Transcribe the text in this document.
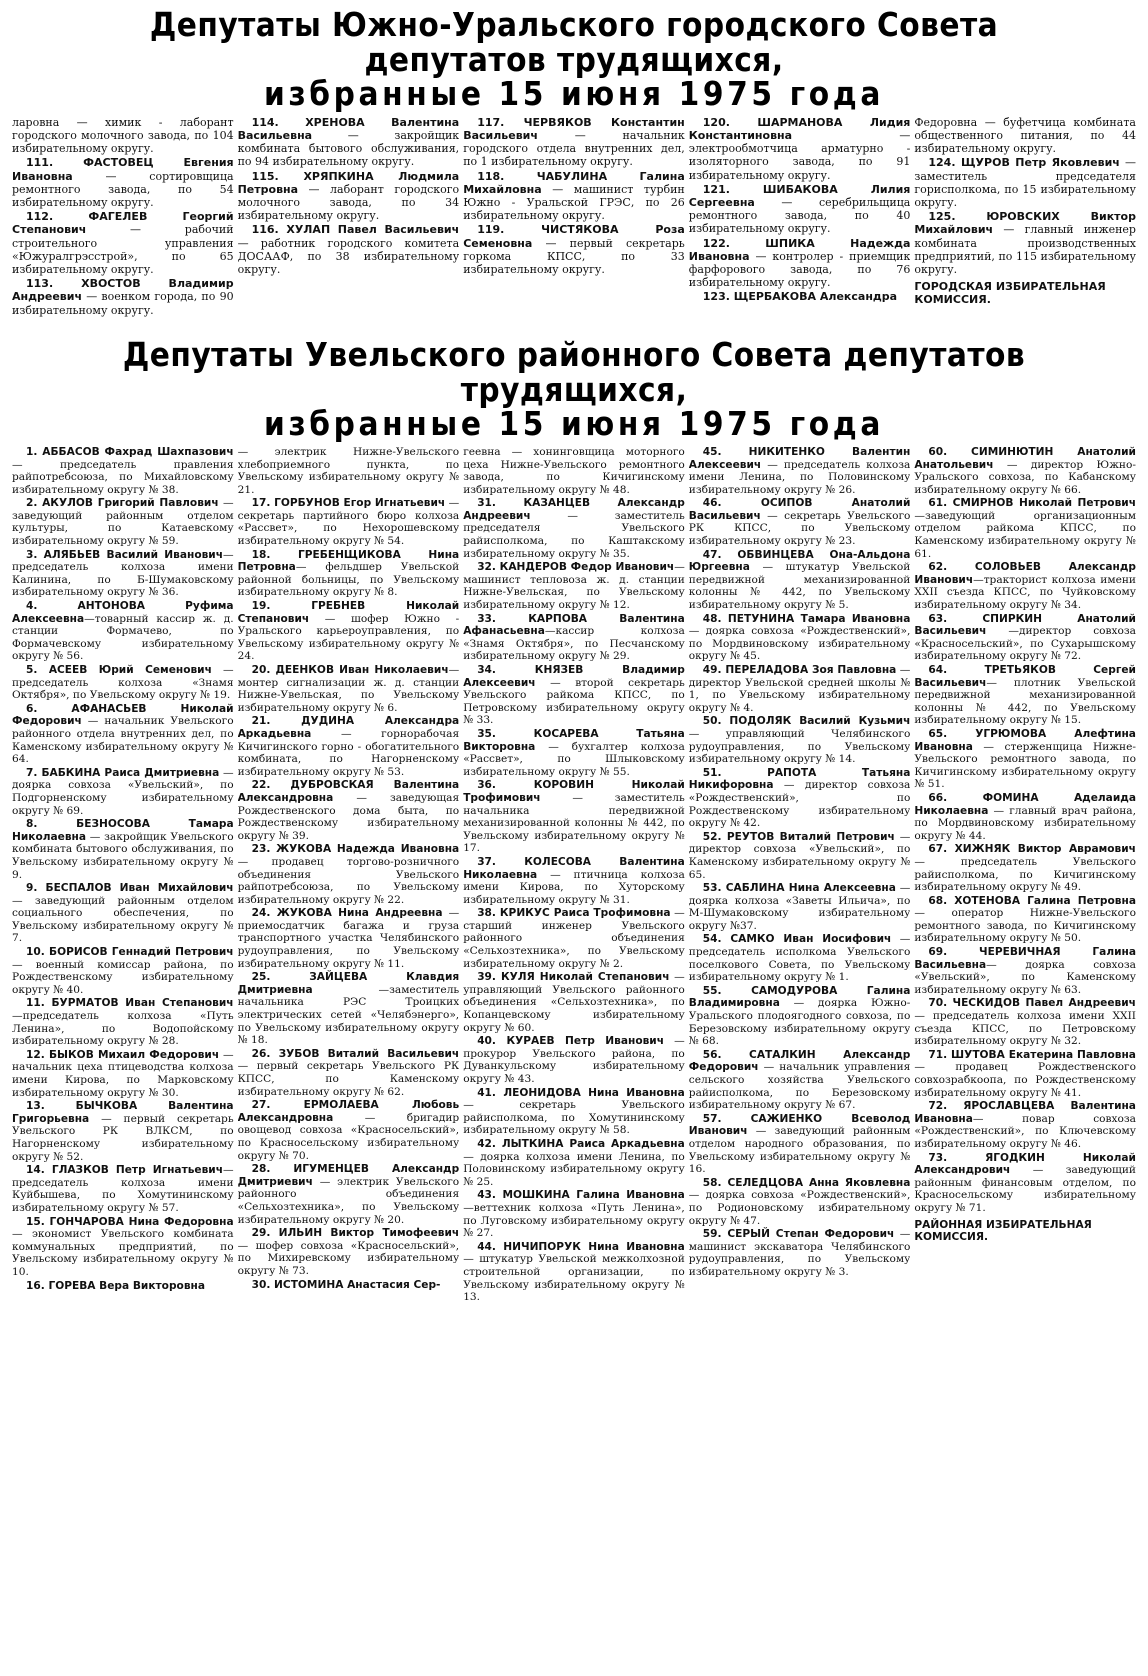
Депутаты Южно-Уральского городского Совета депутатов трудящихся,
избранные 15 июня 1975 года

ларовна — химик - лаборант городского молочного завода, по 104 избирательному округу.

111. ФАСТОВЕЦ Евгения Ивановна — сортировщица ремонтного завода, по 54 избирательному округу.

112. ФАГЕЛЕВ Георгий Степанович — рабочий строительного управления «Южуралгрэсстрой», по 65 избирательному округу.

113. ХВОСТОВ Владимир Андреевич — военком города, по 90 избирательному округу.

114. ХРЕНОВА Валентина Васильевна — закройщик комбината бытового обслуживания, по 94 избирательному округу.

115. ХРЯПКИНА Людмила Петровна — лаборант городского молочного завода, по 34 избирательному округу.

116. ХУЛАП Павел Васильевич — работник городского комитета ДОСААФ, по 38 избирательному округу.

117. ЧЕРВЯКОВ Константин Васильевич — начальник городского отдела внутренних дел, по 1 избирательному округу.

118. ЧАБУЛИНА Галина Михайловна — машинист турбин Южно - Уральской ГРЭС, по 26 избирательному округу.

119. ЧИСТЯКОВА Роза Семеновна — первый секретарь горкома КПСС, по 33 избирательному округу.

120. ШАРМАНОВА Лидия Константиновна — электрообмотчица арматурно - изоляторного завода, по 91 избирательному округу.

121. ШИБАКОВА Лилия Сергеевна — серебрильщица ремонтного завода, по 40 избирательному округу.

122. ШПИКА Надежда Ивановна — контролер - приемщик фарфорового завода, по 76 избирательному округу.

123. ЩЕРБАКОВА Александра

Федоровна — буфетчица комбината общественного питания, по 44 избирательному округу.

124. ЩУРОВ Петр Яковлевич —заместитель председателя горисполкома, по 15 избирательному округу.

125. ЮРОВСКИХ Виктор Михайлович — главный инженер комбината производственных предприятий, по 115 избирательному округу.

ГОРОДСКАЯ ИЗБИРАТЕЛЬНАЯ КОМИССИЯ.

Депутаты Увельского районного Совета депутатов трудящихся,
избранные 15 июня 1975 года

1. АББАСОВ Фахрад Шахпазович — председатель правления райпотребсоюза, по Михайловскому избирательному округу № 38.

2. АКУЛОВ Григорий Павлович — заведующий районным отделом культуры, по Катаевскому избирательному округу № 59.

3. АЛЯБЬЕВ Василий Иванович— председатель колхоза имени Калинина, по Б-Шумаковскому избирательному округу № 36.

4. АНТОНОВА Руфима Алексеевна—товарный кассир ж. д. станции Формачево, по Формачевскому избирательному округу № 56.

5. АСЕЕВ Юрий Семенович — председатель колхоза «Знамя Октября», по Увельскому округу № 19.

6. АФАНАСЬЕВ Николай Федорович — начальник Увельского районного отдела внутренних дел, по Каменскому избирательному округу № 64.

7. БАБКИНА Раиса Дмитриевна — доярка совхоза «Увельский», по Подгорненскому избирательному округу № 69.

8. БЕЗНОСОВА Тамара Николаевна — закройщик Увельского комбината бытового обслуживания, по Увельскому избирательному округу № 9.

9. БЕСПАЛОВ Иван Михайлович — заведующий районным отделом социального обеспечения, по Увельскому избирательному округу № 7.

10. БОРИСОВ Геннадий Петрович — военный комиссар района, по Рождественскому избирательному округу № 40.

11. БУРМАТОВ Иван Степанович—председатель колхоза «Путь Ленина», по Водопойскому избирательному округу № 28.

12. БЫКОВ Михаил Федорович — начальник цеха птицеводства колхоза имени Кирова, по Марковскому избирательному округу № 30.

13. БЫЧКОВА Валентина Григорьевна — первый секретарь Увельского РК ВЛКСМ, по Нагорненскому избирательному округу № 52.

14. ГЛАЗКОВ Петр Игнатьевич—председатель колхоза имени Куйбышева, по Хомутининскому избирательному округу № 57.

15. ГОНЧАРОВА Нина Федоровна — экономист Увельского комбината коммунальных предприятий, по Увельскому избирательному округу № 10.

16. ГОРЕВА Вера Викторовна

— электрик Нижне-Увельского хлебоприемного пункта, по Увельскому избирательному округу № 21.

17. ГОРБУНОВ Егор Игнатьевич —секретарь партийного бюро колхоза «Рассвет», по Нехорошевскому избирательному округу № 54.

18. ГРЕБЕНЩИКОВА Нина Петровна— фельдшер Увельской районной больницы, по Увельскому избирательному округу № 8.

19. ГРЕБНЕВ Николай Степанович — шофер Южно - Уральского карьероуправления, по Увельскому избирательному округу № 24.

20. ДЕЕНКОВ Иван Николаевич—монтер сигнализации ж. д. станции Нижне-Увельская, по Увельскому избирательному округу № 6.

21. ДУДИНА Александра Аркадьевна — горнорабочая Кичигинского горно - обогатительного комбината, по Нагорненскому избирательному округу № 53.

22. ДУБРОВСКАЯ Валентина Александровна — заведующая Рождественского дома быта, по Рождественскому избирательному округу № 39.

23. ЖУКОВА Надежда Ивановна — продавец торгово-розничного объединения Увельского райпотребсоюза, по Увельскому избирательному округу № 22.

24. ЖУКОВА Нина Андреевна —приемосдатчик багажа и груза транспортного участка Челябинского рудоуправления, по Увельскому избирательному округу № 11.

25. ЗАЙЦЕВА Клавдия Дмитриевна —заместитель начальника РЭС Троицких электрических сетей «Челябэнерго», по Увельскому избирательному округу № 18.

26. ЗУБОВ Виталий Васильевич — первый секретарь Увельского РК КПСС, по Каменскому избирательному округу № 62.

27. ЕРМОЛАЕВА Любовь Александровна — бригадир овощевод совхоза «Красносельский», по Красносельскому избирательному округу № 70.

28. ИГУМЕНЦЕВ Александр Дмитриевич — электрик Увельского районного объединения «Сельхозтехника», по Увельскому избирательному округу № 20.

29. ИЛЬИН Виктор Тимофеевич — шофер совхоза «Красносельский», по Михиревскому избирательному округу № 73.

30. ИСТОМИНА Анастасия Сер-

геевна — хонинговщица моторного цеха Нижне-Увельского ремонтного завода, по Кичигинскому избирательному округу № 48.

31. КАЗАНЦЕВ Александр Андреевич — заместитель председателя Увельского райисполкома, по Каштакскому избирательному округу № 35.

32. КАНДЕРОВ Федор Иванович—машинист тепловоза ж. д. станции Нижне-Увельская, по Увельскому избирательному округу № 12.

33. КАРПОВА Валентина Афанасьевна—кассир колхоза «Знамя Октября», по Песчанскому избирательному округу № 29.

34. КНЯЗЕВ Владимир Алексеевич — второй секретарь Увельского райкома КПСС, по Петровскому избирательному округу № 33.

35. КОСАРЕВА Татьяна Викторовна — бухгалтер колхоза «Рассвет», по Шлыковскому избирательному округу № 55.

36. КОРОВИН Николай Трофимович — заместитель начальника передвижной механизированной колонны № 442, по Увельскому избирательному округу № 17.

37. КОЛЕСОВА Валентина Николаевна — птичница колхоза имени Кирова, по Хуторскому избирательному округу № 31.

38. КРИКУС Раиса Трофимовна — старший инженер Увельского районного объединения «Сельхозтехника», по Увельскому избирательному округу № 2.

39. КУЛЯ Николай Степанович —управляющий Увельского районного объединения «Сельхозтехника», по Копанцевскому избирательному округу № 60.

40. КУРАЕВ Петр Иванович — прокурор Увельского района, по Дуванкульскому избирательному округу № 43.

41. ЛЕОНИДОВА Нина Ивановна — секретарь Увельского райисполкома, по Хомутининскому избирательному округу № 58.

42. ЛЫТКИНА Раиса Аркадьевна — доярка колхоза имени Ленина, по Половинскому избирательному округу № 25.

43. МОШКИНА Галина Ивановна—веттехник колхоза «Путь Ленина», по Луговскому избирательному округу № 27.

44. НИЧИПОРУК Нина Ивановна — штукатур Увельской межколхозной строительной организации, по Увельскому избирательному округу № 13.

45. НИКИТЕНКО Валентин Алексеевич — председатель колхоза имени Ленина, по Половинскому избирательному округу № 26.

46. ОСИПОВ Анатолий Васильевич — секретарь Увельского РК КПСС, по Увельскому избирательному округу № 23.

47. ОБВИНЦЕВА Она-Альдона Юргеевна — штукатур Увельской передвижной механизированной колонны № 442, по Увельскому избирательному округу № 5.

48. ПЕТУНИНА Тамара Ивановна — доярка совхоза «Рождественский», по Мордвиновскому избирательному округу № 45.

49. ПЕРЕЛАДОВА Зоя Павловна — директор Увельской средней школы № 1, по Увельскому избирательному округу № 4.

50. ПОДОЛЯК Василий Кузьмич — управляющий Челябинского рудоуправления, по Увельскому избирательному округу № 14.

51. РАПОТА Татьяна Никифоровна — директор совхоза «Рождественский», по Рождественскому избирательному округу № 42.

52. РЕУТОВ Виталий Петрович — директор совхоза «Увельский», по Каменскому избирательному округу № 65.

53. САБЛИНА Нина Алексеевна — доярка колхоза «Заветы Ильича», по М-Шумаковскому избирательному округу №37.

54. САМКО Иван Иосифович —председатель исполкома Увельского поселкового Совета, по Увельскому избирательному округу № 1.

55. САМОДУРОВА Галина Владимировна — доярка Южно-Уральского плодоягодного совхоза, по Березовскому избирательному округу № 68.

56. САТАЛКИН Александр Федорович — начальник управления сельского хозяйства Увельского райисполкома, по Березовскому избирательному округу № 67.

57. САЖИЕНКО Всеволод Иванович — заведующий районным отделом народного образования, по Увельскому избирательному округу № 16.

58. СЕЛЕДЦОВА Анна Яковлевна — доярка совхоза «Рождественский», по Родионовскому избирательному округу № 47.

59. СЕРЫЙ Степан Федорович —машинист экскаватора Челябинского рудоуправления, по Увельскому избирательному округу № 3.

60. СИМИНЮТИН Анатолий Анатольевич — директор Южно-Уральского совхоза, по Кабанскому избирательному округу № 66.

61. СМИРНОВ Николай Петрович —заведующий организационным отделом райкома КПСС, по Каменскому избирательному округу № 61.

62. СОЛОВЬЕВ Александр Иванович—тракторист колхоза имени XXII съезда КПСС, по Чуйковскому избирательному округу № 34.

63. СПИРКИН Анатолий Васильевич —директор совхоза «Красносельский», по Сухарышскому избирательному округу № 72.

64. ТРЕТЬЯКОВ Сергей Васильевич— плотник Увельской передвижной механизированной колонны № 442, по Увельскому избирательному округу № 15.

65. УГРЮМОВА Алефтина Ивановна — стерженщица Нижне-Увельского ремонтного завода, по Кичигинскому избирательному округу № 51.

66. ФОМИНА Аделаида Николаевна — главный врач района, по Мордвиновскому избирательному округу № 44.

67. ХИЖНЯК Виктор Аврамович — председатель Увельского райисполкома, по Кичигинскому избирательному округу № 49.

68. ХОТЕНОВА Галина Петровна — оператор Нижне-Увельского ремонтного завода, по Кичигинскому избирательному округу № 50.

69. ЧЕРЕВИЧНАЯ Галина Васильевна— доярка совхоза «Увельский», по Каменскому избирательному округу № 63.

70. ЧЕСКИДОВ Павел Андреевич — председатель колхоза имени XXII съезда КПСС, по Петровскому избирательному округу № 32.

71. ШУТОВА Екатерина Павловна — продавец Рождественского совхозрабкоопа, по Рождественскому избирательному округу № 41.

72. ЯРОСЛАВЦЕВА Валентина Ивановна— повар совхоза «Рождественский», по Ключевскому избирательному округу № 46.

73. ЯГОДКИН Николай Александрович — заведующий районным финансовым отделом, по Красносельскому избирательному округу № 71.

РАЙОННАЯ ИЗБИРАТЕЛЬНАЯ КОМИССИЯ.
